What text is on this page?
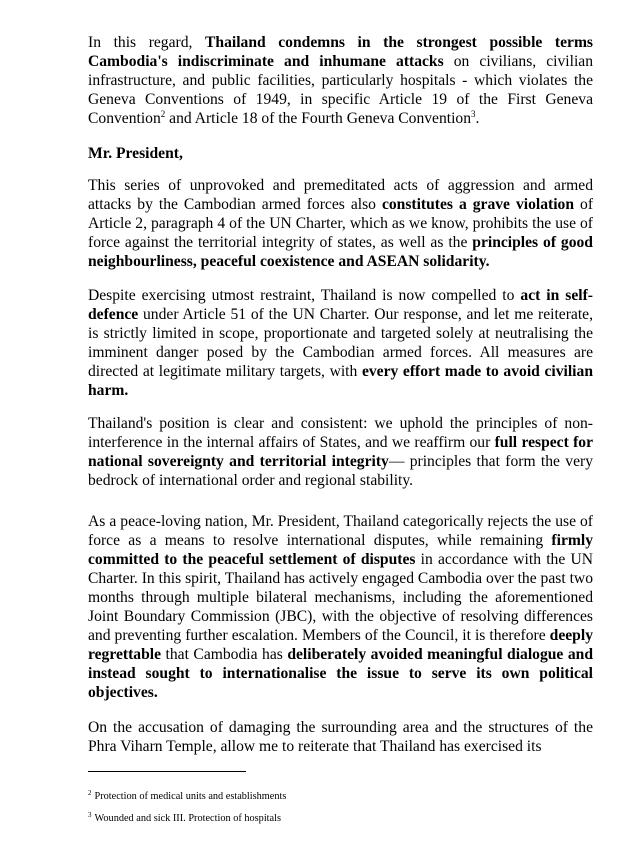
In this regard, Thailand condemns in the strongest possible terms Cambodia's indiscriminate and inhumane attacks on civilians, civilian infrastructure, and public facilities, particularly hospitals - which violates the Geneva Conventions of 1949, in specific Article 19 of the First Geneva Convention$^2$ and Article 18 of the Fourth Geneva Convention$^3$.

Mr. President,

This series of unprovoked and premeditated acts of aggression and armed attacks by the Cambodian armed forces also constitutes a grave violation of Article 2, paragraph 4 of the UN Charter, which as we know, prohibits the use of force against the territorial integrity of states, as well as the principles of good neighbourliness, peaceful coexistence and ASEAN solidarity.

Despite exercising utmost restraint, Thailand is now compelled to act in self-defence under Article 51 of the UN Charter. Our response, and let me reiterate, is strictly limited in scope, proportionate and targeted solely at neutralising the imminent danger posed by the Cambodian armed forces. All measures are directed at legitimate military targets, with every effort made to avoid civilian harm.

Thailand's position is clear and consistent: we uphold the principles of non-interference in the internal affairs of States, and we reaffirm our full respect for national sovereignty and territorial integrity— principles that form the very bedrock of international order and regional stability.

As a peace-loving nation, Mr. President, Thailand categorically rejects the use of force as a means to resolve international disputes, while remaining firmly committed to the peaceful settlement of disputes in accordance with the UN Charter. In this spirit, Thailand has actively engaged Cambodia over the past two months through multiple bilateral mechanisms, including the aforementioned Joint Boundary Commission (JBC), with the objective of resolving differences and preventing further escalation. Members of the Council, it is therefore deeply regrettable that Cambodia has deliberately avoided meaningful dialogue and instead sought to internationalise the issue to serve its own political objectives.

On the accusation of damaging the surrounding area and the structures of the Phra Viharn Temple, allow me to reiterate that Thailand has exercised its

$^2$ Protection of medical units and establishments

$^3$ Wounded and sick III. Protection of hospitals
